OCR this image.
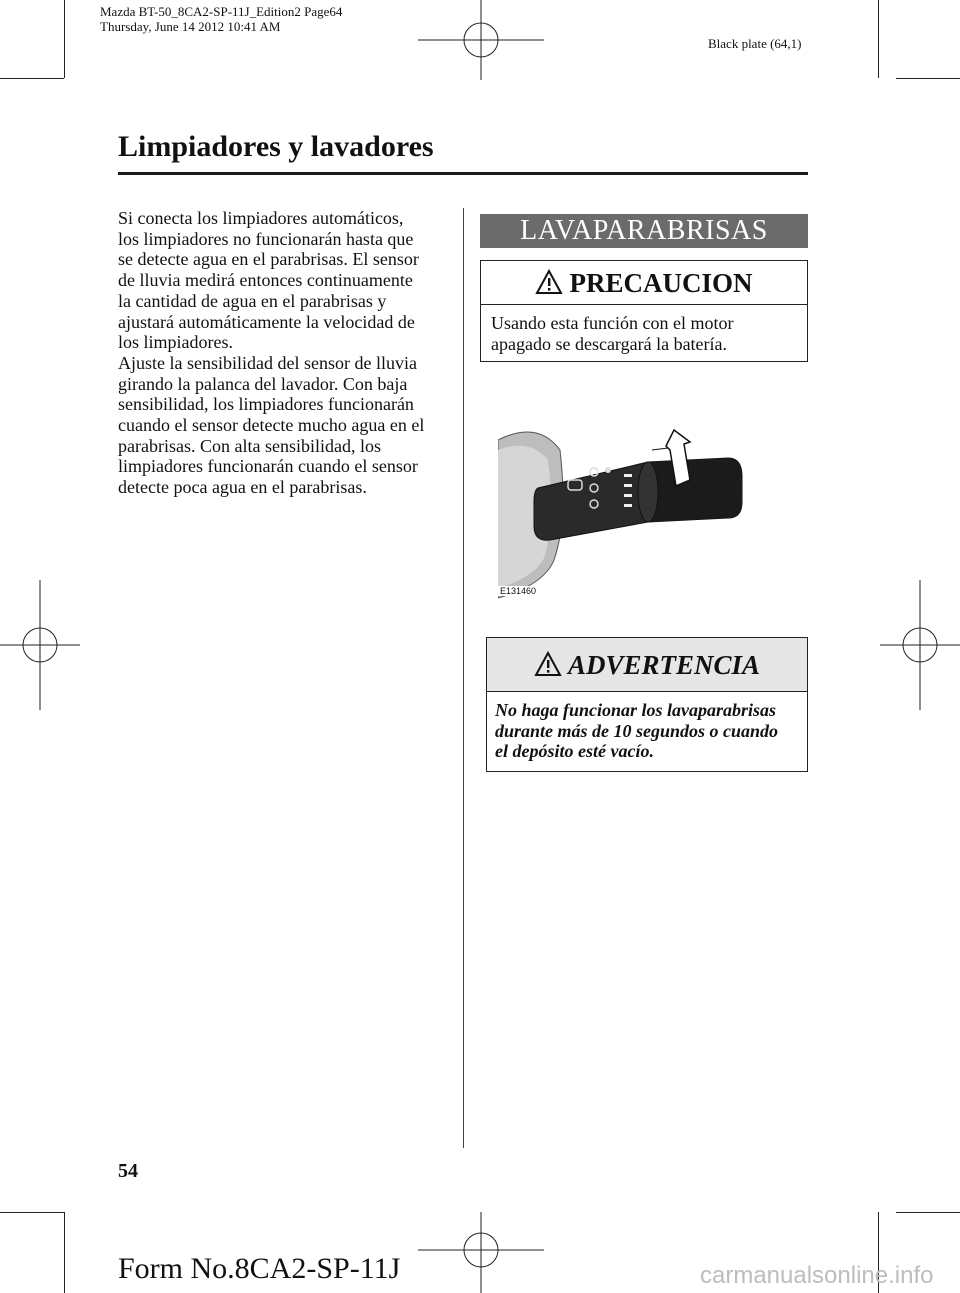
Mazda BT-50_8CA2-SP-11J_Edition2 Page64
Thursday, June 14 2012 10:41 AM
Black plate (64,1)
Limpiadores y lavadores
Si conecta los limpiadores automáticos,
los limpiadores no funcionarán hasta que
se detecte agua en el parabrisas. El sensor
de lluvia medirá entonces continuamente
la cantidad de agua en el parabrisas y
ajustará automáticamente la velocidad de
los limpiadores.
Ajuste la sensibilidad del sensor de lluvia
girando la palanca del lavador. Con baja
sensibilidad, los limpiadores funcionarán
cuando el sensor detecte mucho agua en el
parabrisas. Con alta sensibilidad, los
limpiadores funcionarán cuando el sensor
detecte poca agua en el parabrisas.
LAVAPARABRISAS
PRECAUCION
Usando esta función con el motor
apagado se descargará la batería.
E131460
ADVERTENCIA
No haga funcionar los lavaparabrisas
durante más de 10 segundos o cuando
el depósito esté vacío.
54
Form No.8CA2-SP-11J	carmanualsonline.info
